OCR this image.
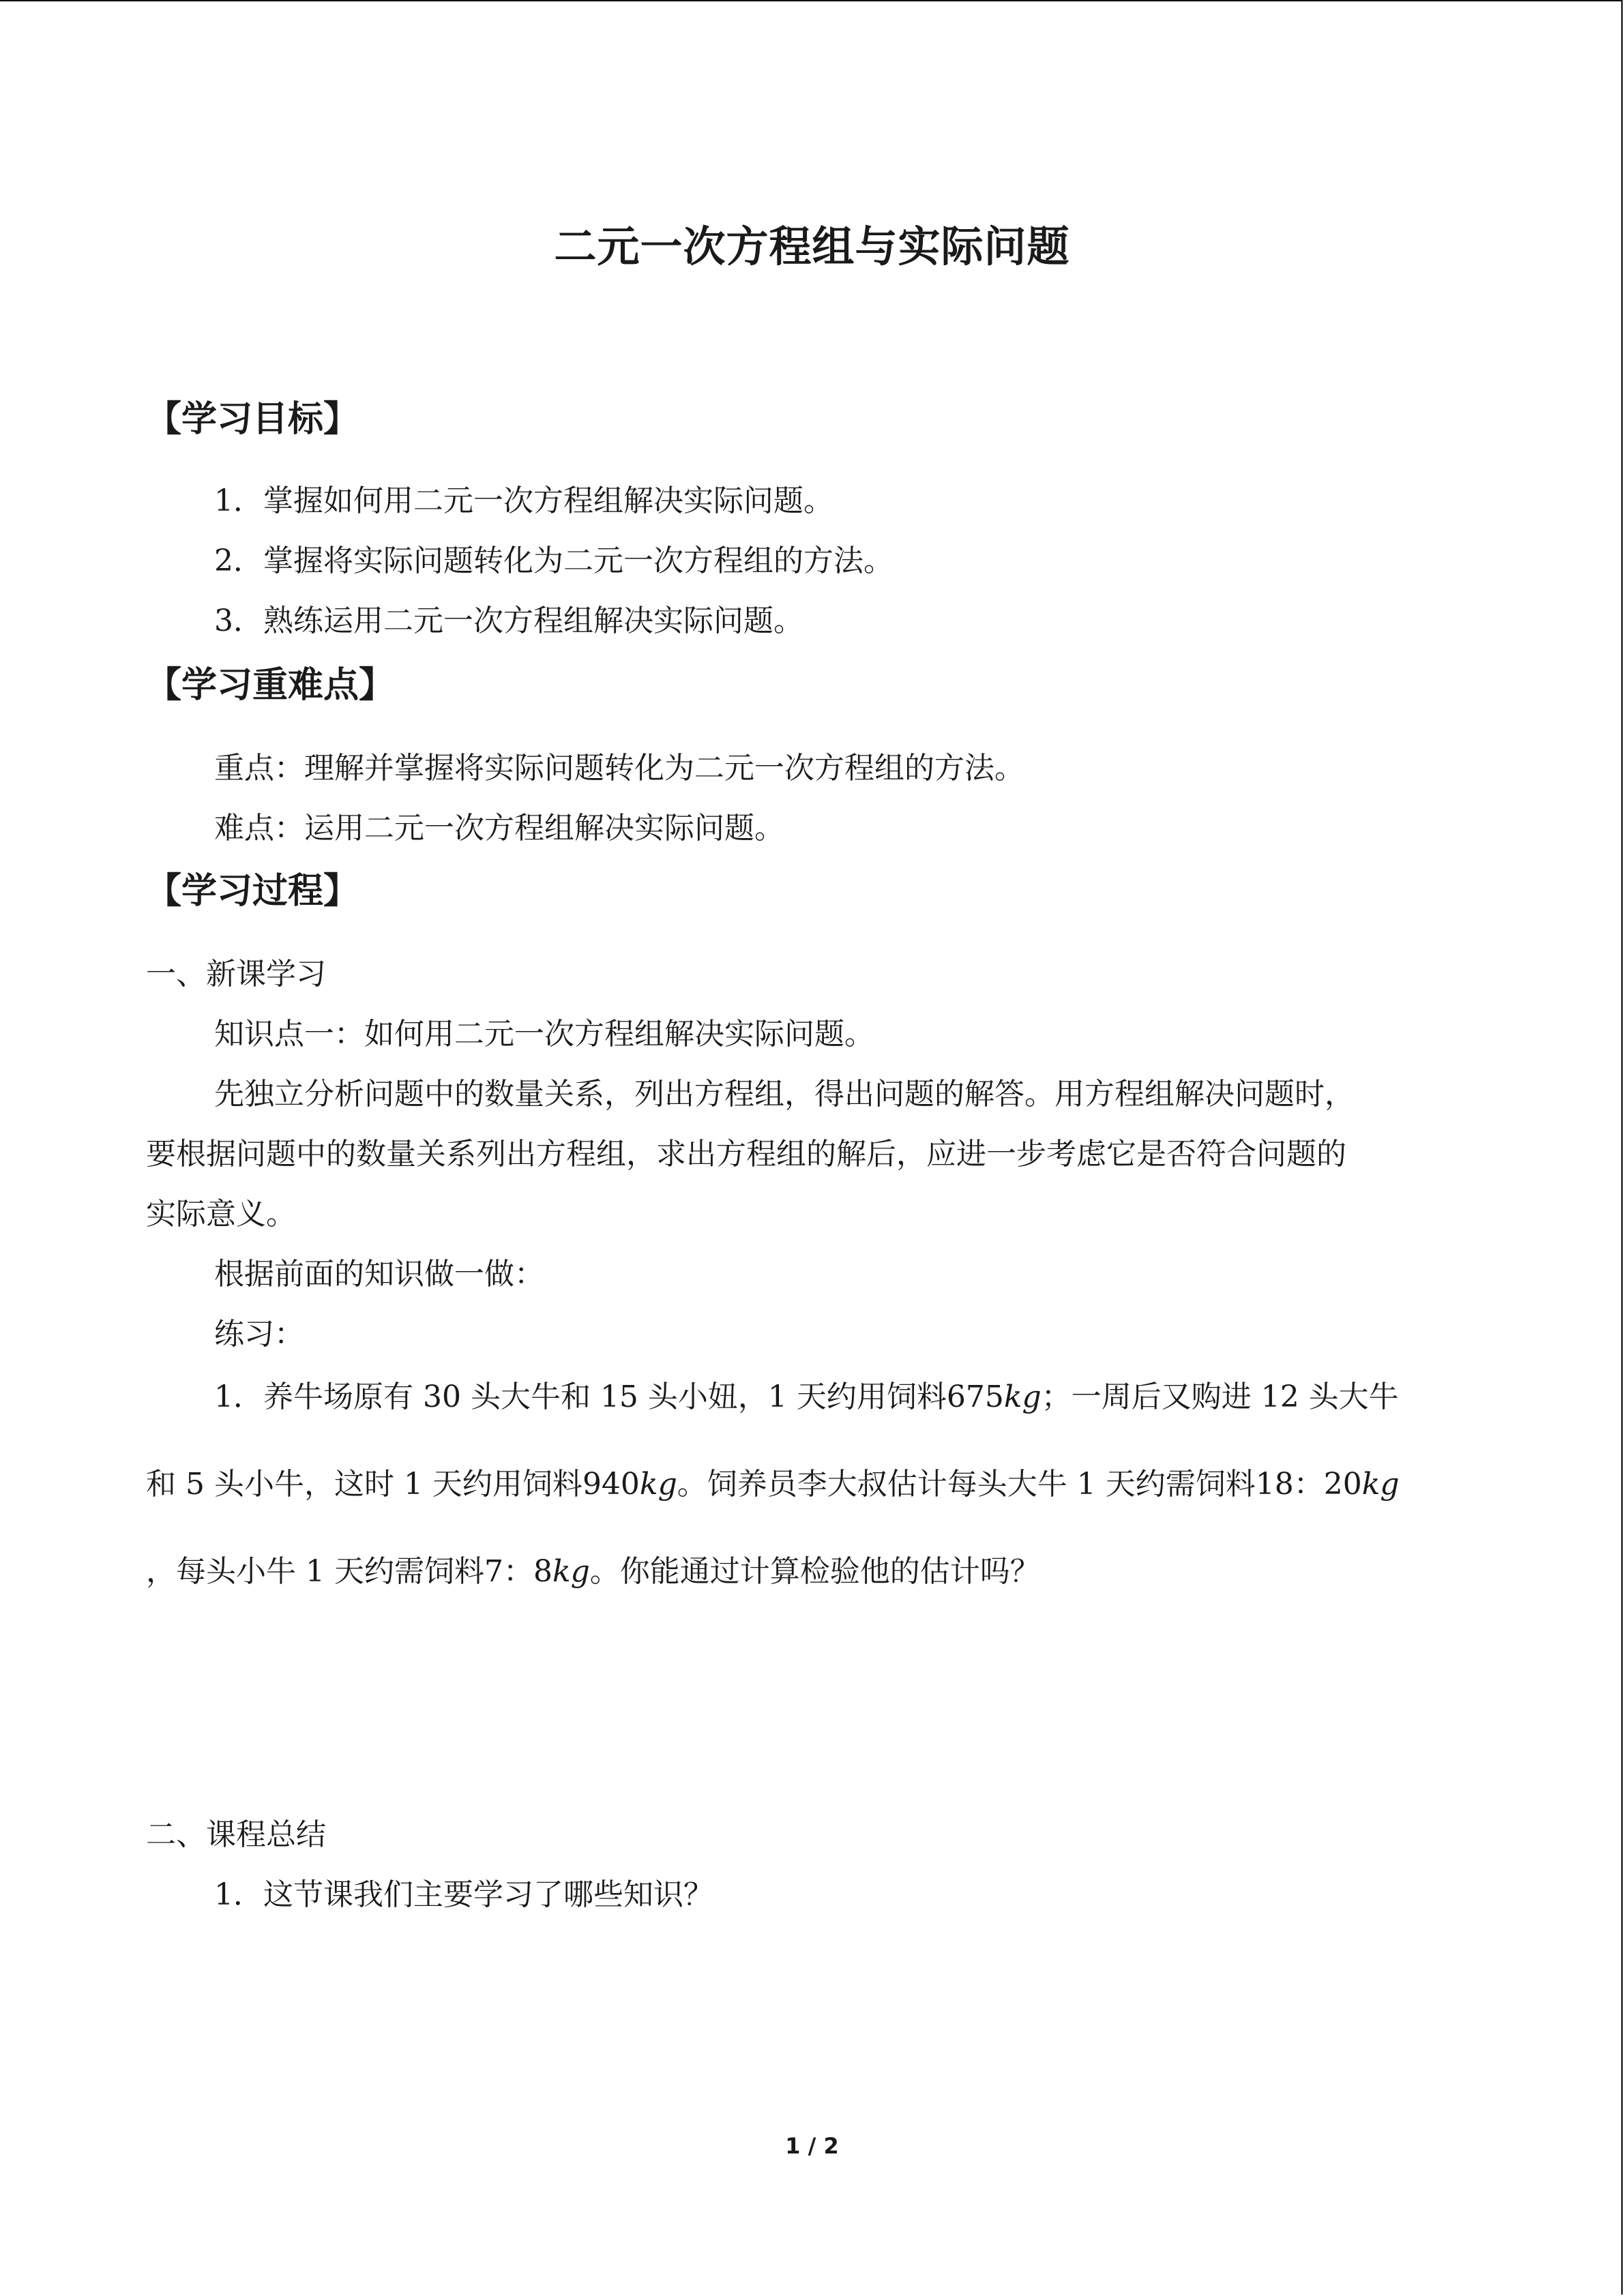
二元一次方程组与实际问题
【学习目标】
1．掌握如何用二元一次方程组解决实际问题。
2．掌握将实际问题转化为二元一次方程组的方法。
3．熟练运用二元一次方程组解决实际问题。
【学习重难点】
重点：理解并掌握将实际问题转化为二元一次方程组的方法。
难点：运用二元一次方程组解决实际问题。
【学习过程】
一、新课学习
知识点一：如何用二元一次方程组解决实际问题。
先独立分析问题中的数量关系，列出方程组，得出问题的解答。用方程组解决问题时，
要根据问题中的数量关系列出方程组，求出方程组的解后，应进一步考虑它是否符合问题的
实际意义。
根据前面的知识做一做：
练习：
1．养牛场原有 30 头大牛和 15 头小妞，1 天约用饲料675kg；一周后又购进 12 头大牛
和 5 头小牛，这时 1 天约用饲料940kg。饲养员李大叔估计每头大牛 1 天约需饲料18：20kg
，每头小牛 1 天约需饲料7：8kg。你能通过计算检验他的估计吗？
二、课程总结
1．这节课我们主要学习了哪些知识？
1 / 2
